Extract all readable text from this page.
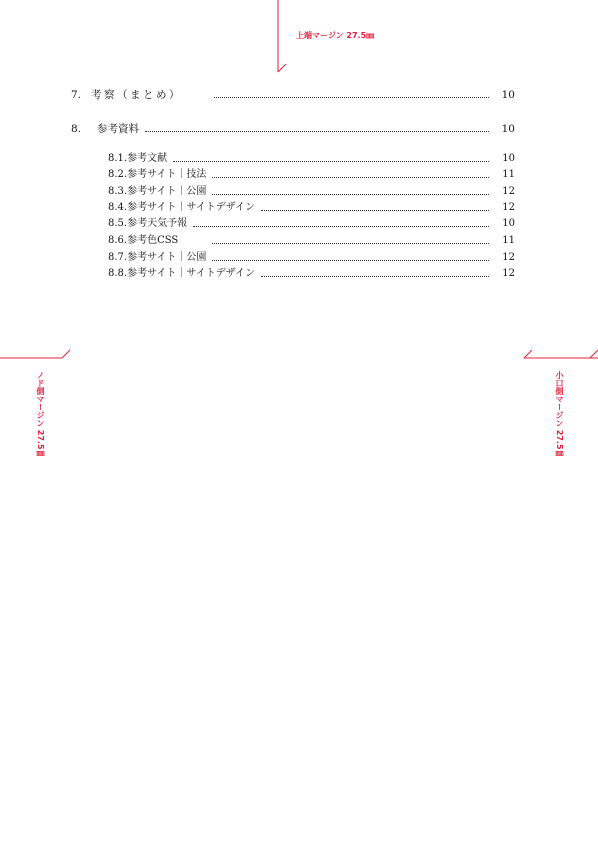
上端マージン 27.5㎜
ノド側マージン 27.5㎜	小口側マージン 27.5㎜
7. 考察（まとめ）	10
8. 参考資料	10
8.1. 参考文献	10
8.2. 参考サイト｜技法	11
8.3. 参考サイト｜公園	12
8.4. 参考サイト｜サイトデザイン	12
8.5. 参考天気予報	10
8.6. 参考色CSS	11
8.7. 参考サイト｜公園	12
8.8. 参考サイト｜サイトデザイン	12
